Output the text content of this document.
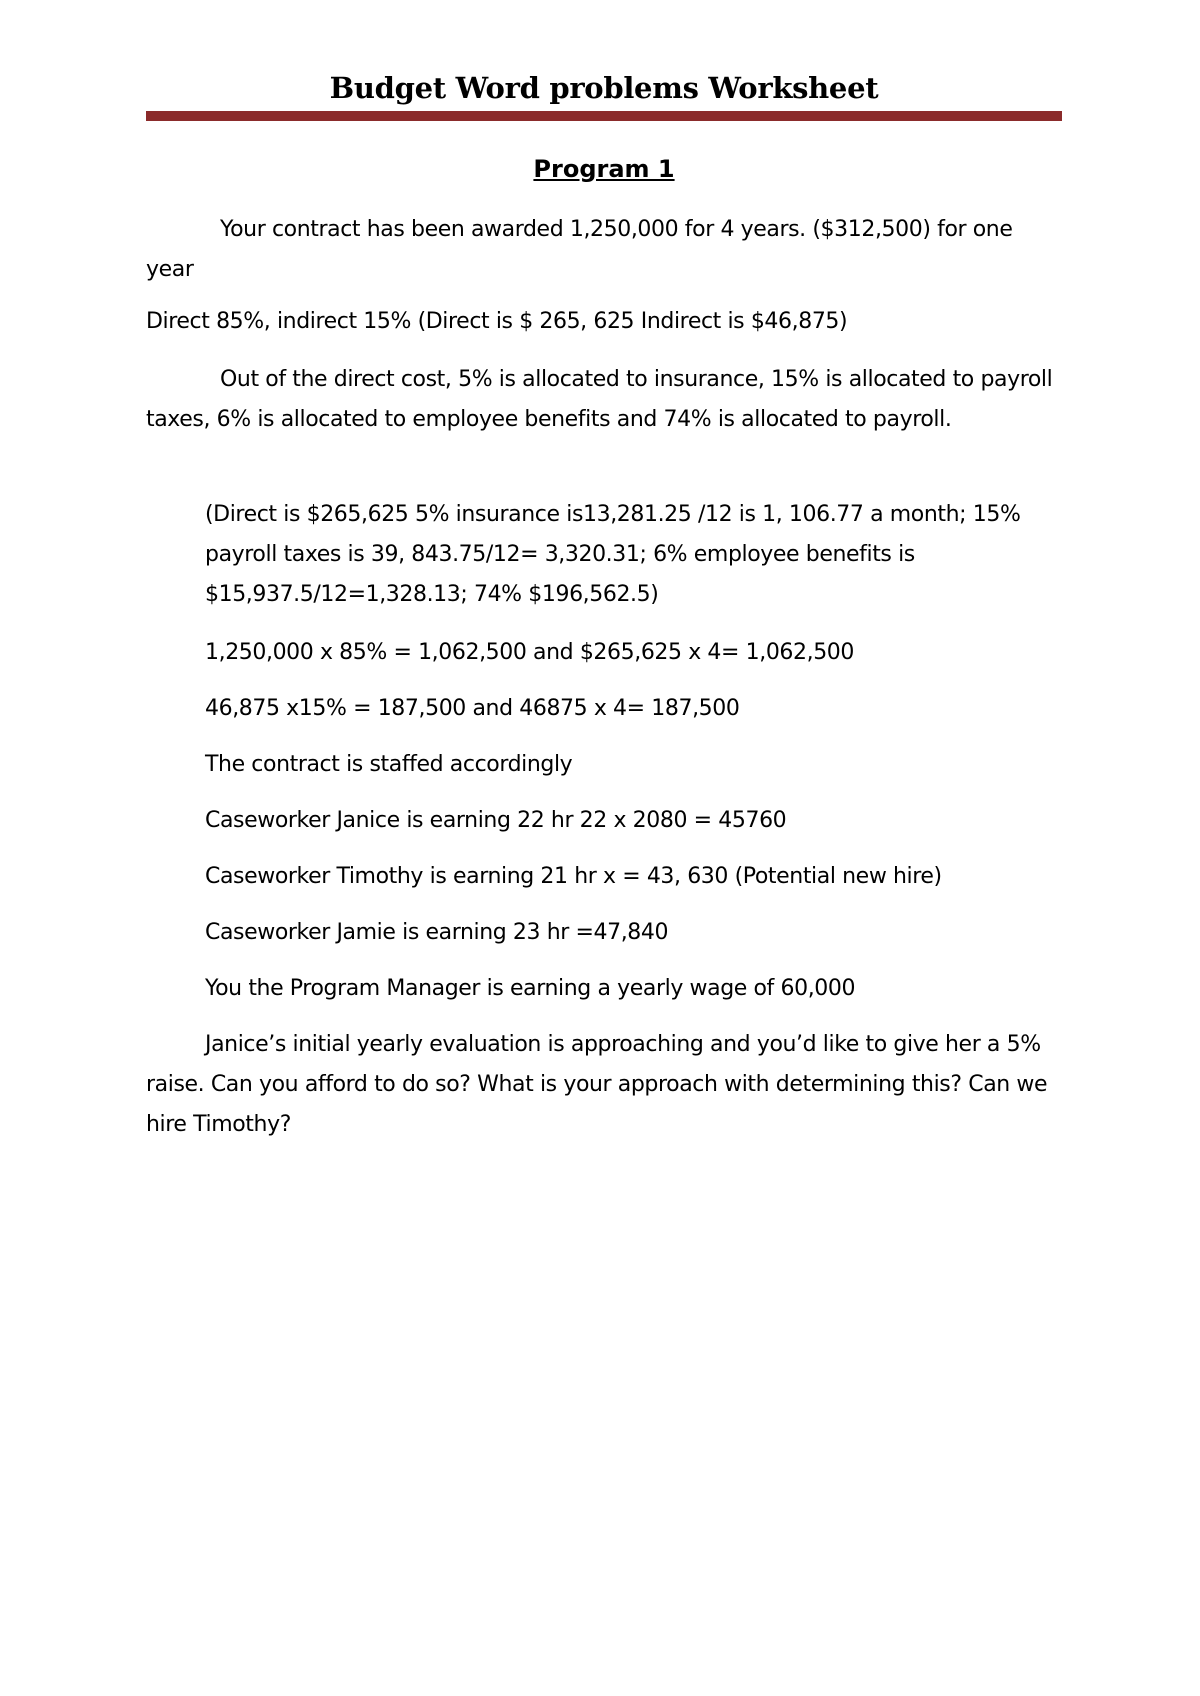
Budget Word problems Worksheet
Program 1

Your contract has been awarded 1,250,000 for 4 years. ($312,500) for one year

Direct 85%, indirect 15% (Direct is $ 265, 625 Indirect is $46,875)

Out of the direct cost, 5% is allocated to insurance, 15% is allocated to payroll taxes, 6% is allocated to employee benefits and 74% is allocated to payroll.

(Direct is $265,625 5% insurance is13,281.25 /12 is 1, 106.77 a month; 15% payroll taxes is 39, 843.75/12= 3,320.31; 6% employee benefits is $15,937.5/12=1,328.13; 74% $196,562.5)

1,250,000 x 85% = 1,062,500 and $265,625 x 4= 1,062,500

46,875 x15% = 187,500 and 46875 x 4= 187,500

The contract is staffed accordingly

Caseworker Janice is earning 22 hr 22 x 2080 = 45760

Caseworker Timothy is earning 21 hr x = 43, 630 (Potential new hire)

Caseworker Jamie is earning 23 hr =47,840

You the Program Manager is earning a yearly wage of 60,000

Janice’s initial yearly evaluation is approaching and you’d like to give her a 5% raise. Can you afford to do so? What is your approach with determining this? Can we hire Timothy?
